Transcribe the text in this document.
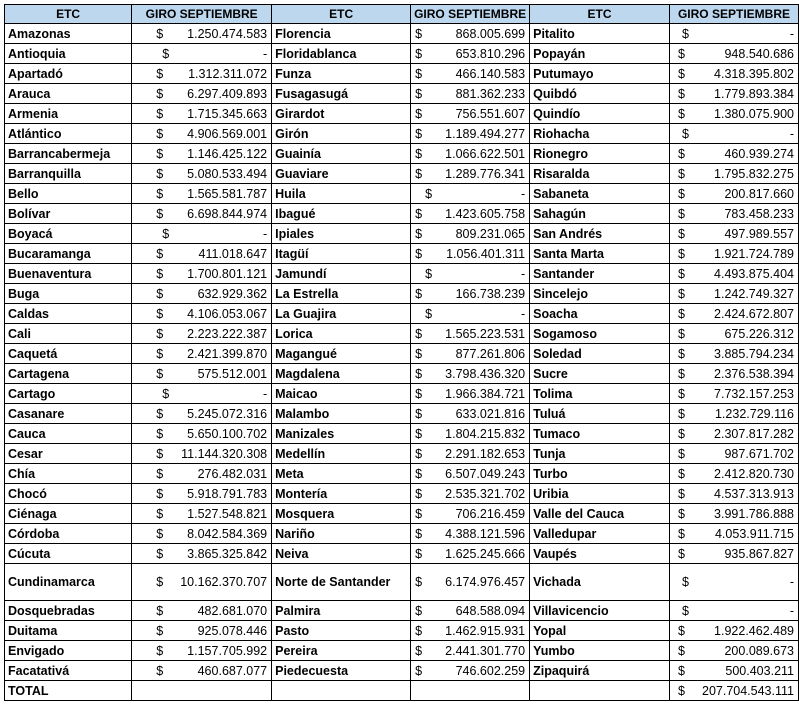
ETC	GIRO SEPTIEMBRE	ETC	GIRO SEPTIEMBRE	ETC	GIRO SEPTIEMBRE
Amazonas	$ 1.250.474.583	Florencia	$ 868.005.699	Pitalito	$ -

Antioquia	$ -	Floridablanca	$ 653.810.296	Popayán	$ 948.540.686

Apartadó	$ 1.312.311.072	Funza	$ 466.140.583	Putumayo	$ 4.318.395.802

Arauca	$ 6.297.409.893	Fusagasugá	$ 881.362.233	Quibdó	$ 1.779.893.384

Armenia	$ 1.715.345.663	Girardot	$ 756.551.607	Quindío	$ 1.380.075.900

Atlántico	$ 4.906.569.001	Girón	$ 1.189.494.277	Riohacha	$ -

Barrancabermeja	$ 1.146.425.122	Guainía	$ 1.066.622.501	Rionegro	$ 460.939.274

Barranquilla	$ 5.080.533.494	Guaviare	$ 1.289.776.341	Risaralda	$ 1.795.832.275

Bello	$ 1.565.581.787	Huila	$ -	Sabaneta	$ 200.817.660

Bolívar	$ 6.698.844.974	Ibagué	$ 1.423.605.758	Sahagún	$ 783.458.233

Boyacá	$ -	Ipiales	$ 809.231.065	San Andrés	$ 497.989.557

Bucaramanga	$ 411.018.647	Itagüí	$ 1.056.401.311	Santa Marta	$ 1.921.724.789

Buenaventura	$ 1.700.801.121	Jamundí	$ -	Santander	$ 4.493.875.404

Buga	$ 632.929.362	La Estrella	$ 166.738.239	Sincelejo	$ 1.242.749.327

Caldas	$ 4.106.053.067	La Guajira	$ -	Soacha	$ 2.424.672.807

Cali	$ 2.223.222.387	Lorica	$ 1.565.223.531	Sogamoso	$ 675.226.312

Caquetá	$ 2.421.399.870	Magangué	$ 877.261.806	Soledad	$ 3.885.794.234

Cartagena	$ 575.512.001	Magdalena	$ 3.798.436.320	Sucre	$ 2.376.538.394

Cartago	$ -	Maicao	$ 1.966.384.721	Tolima	$ 7.732.157.253

Casanare	$ 5.245.072.316	Malambo	$ 633.021.816	Tuluá	$ 1.232.729.116

Cauca	$ 5.650.100.702	Manizales	$ 1.804.215.832	Tumaco	$ 2.307.817.282

Cesar	$ 11.144.320.308	Medellín	$ 2.291.182.653	Tunja	$ 987.671.702

Chía	$ 276.482.031	Meta	$ 6.507.049.243	Turbo	$ 2.412.820.730

Chocó	$ 5.918.791.783	Montería	$ 2.535.321.702	Uribia	$ 4.537.313.913

Ciénaga	$ 1.527.548.821	Mosquera	$ 706.216.459	Valle del Cauca	$ 3.991.786.888

Córdoba	$ 8.042.584.369	Nariño	$ 4.388.121.596	Valledupar	$ 4.053.911.715

Cúcuta	$ 3.865.325.842	Neiva	$ 1.625.245.666	Vaupés	$ 935.867.827

Cundinamarca	$ 10.162.370.707	Norte de Santander	$ 6.174.976.457	Vichada	$ -

Dosquebradas	$ 482.681.070	Palmira	$ 648.588.094	Villavicencio	$ -

Duitama	$ 925.078.446	Pasto	$ 1.462.915.931	Yopal	$ 1.922.462.489

Envigado	$ 1.157.705.992	Pereira	$ 2.441.301.770	Yumbo	$ 200.089.673

Facatativá	$ 460.687.077	Piedecuesta	$ 746.602.259	Zipaquirá	$ 500.403.211

TOTAL					$ 207.704.543.111
